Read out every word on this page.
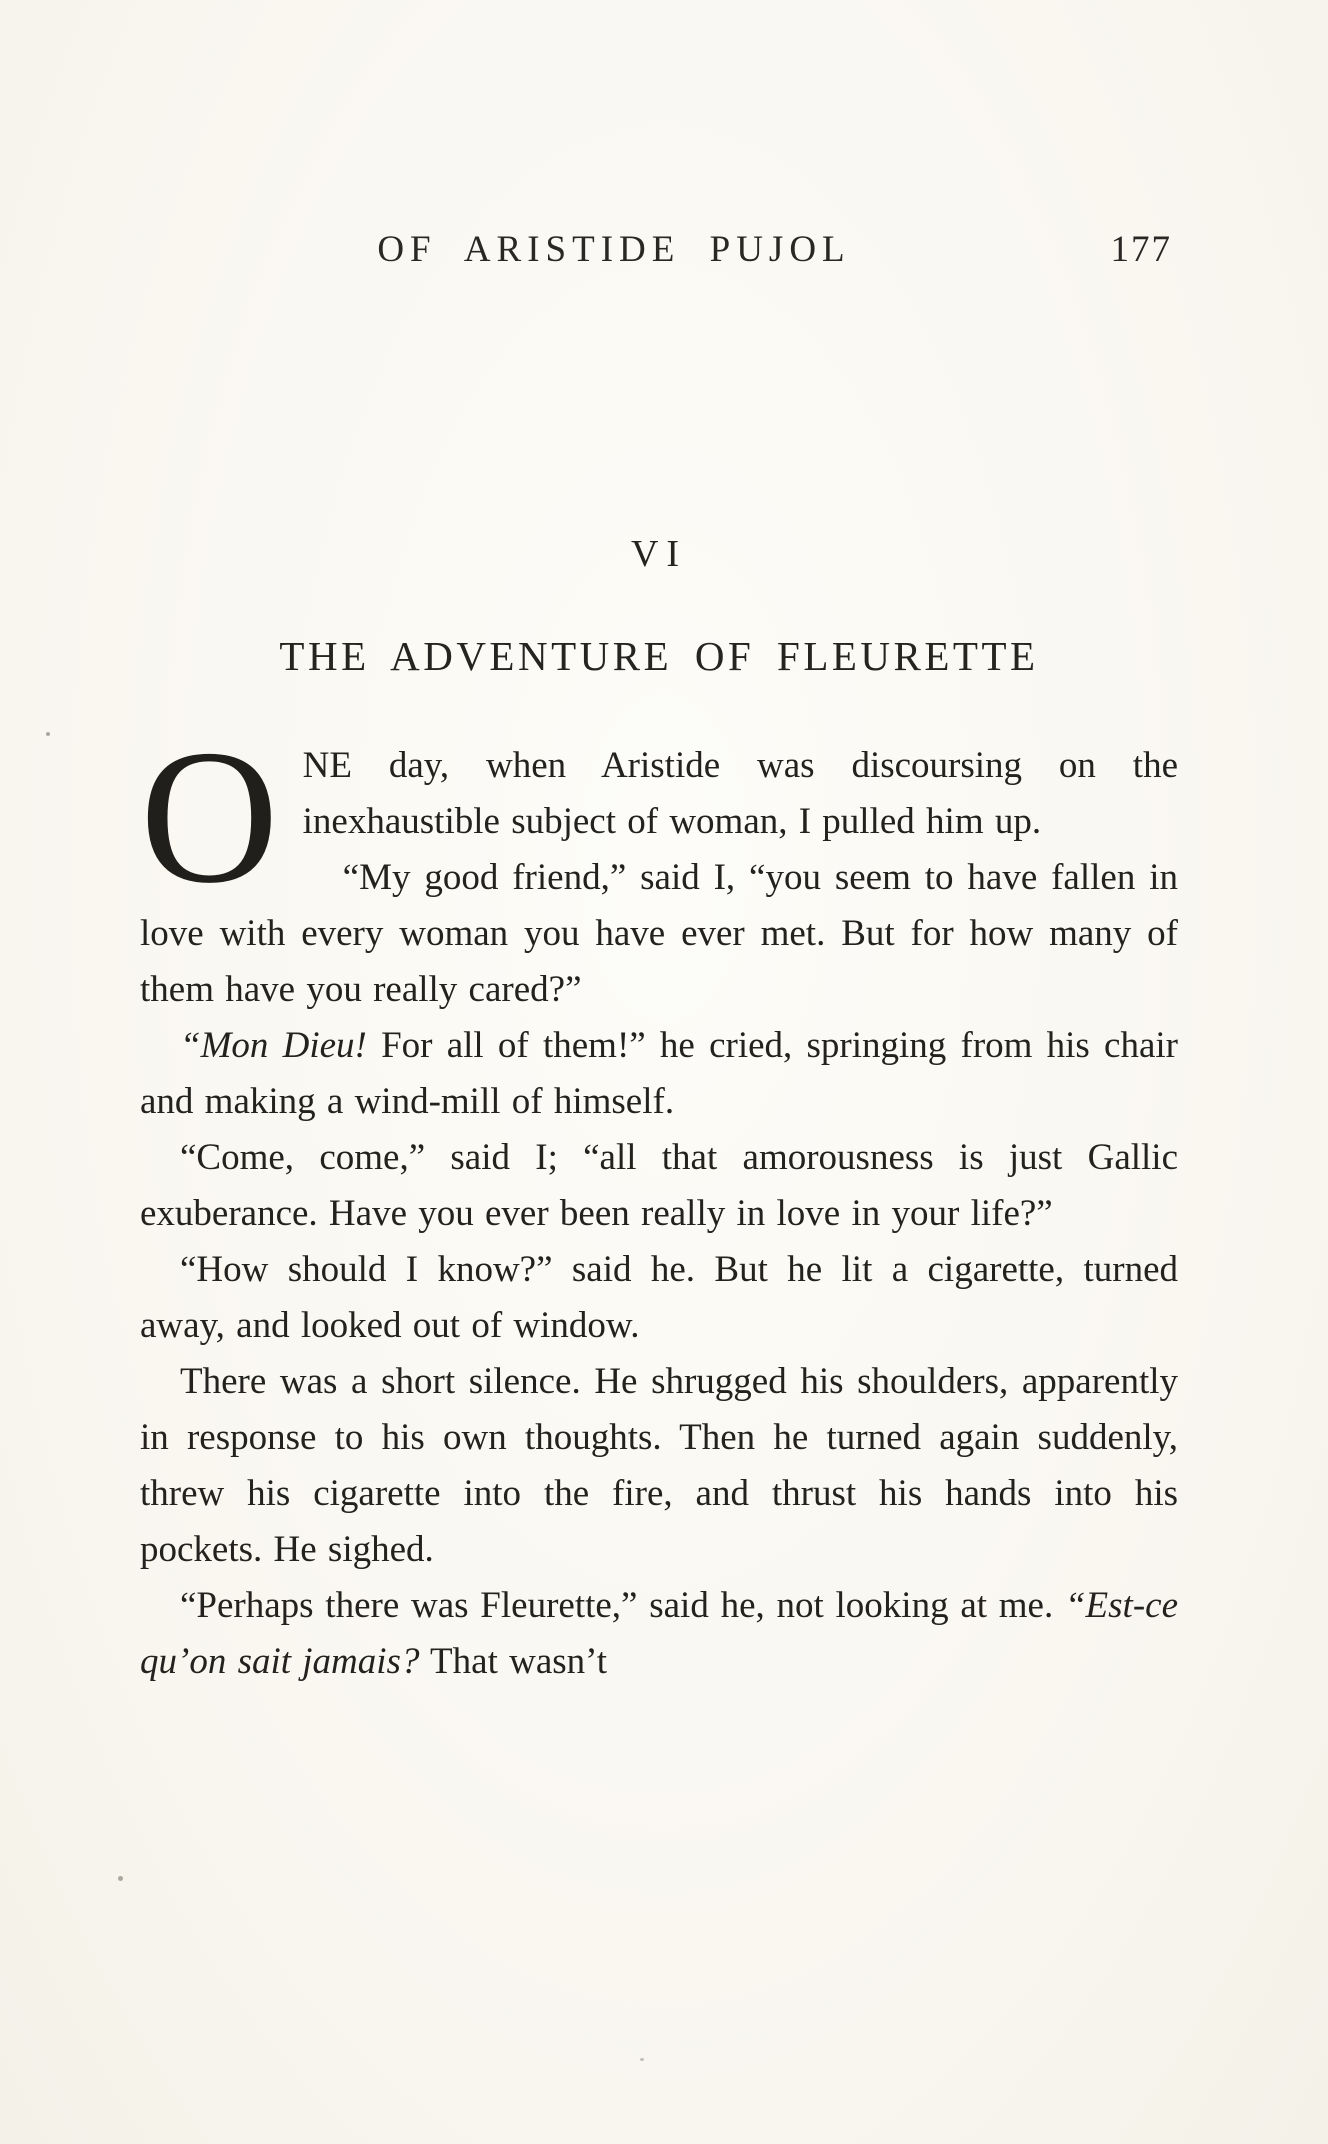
OF ARISTIDE PUJOL	177
VI
THE ADVENTURE OF FLEURETTE

ONE day, when Aristide was discoursing on the inexhaustible subject of woman, I pulled him up.

“My good friend,” said I, “you seem to have fallen in love with every woman you have ever met. But for how many of them have you really cared?”

“Mon Dieu! For all of them!” he cried, springing from his chair and making a wind-mill of himself.

“Come, come,” said I; “all that amorousness is just Gallic exuberance. Have you ever been really in love in your life?”

“How should I know?” said he. But he lit a cigarette, turned away, and looked out of window.

There was a short silence. He shrugged his shoulders, apparently in response to his own thoughts. Then he turned again suddenly, threw his cigarette into the fire, and thrust his hands into his pockets. He sighed.

“Perhaps there was Fleurette,” said he, not looking at me. “Est-ce qu’on sait jamais? That wasn’t
